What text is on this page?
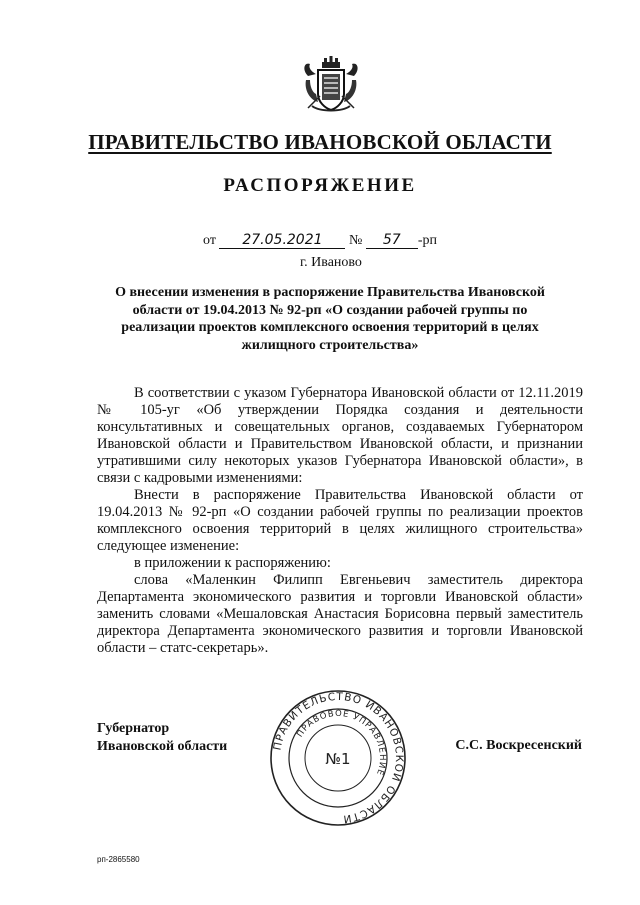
ПРАВИТЕЛЬСТВО ИВАНОВСКОЙ ОБЛАСТИ
РАСПОРЯЖЕНИЕ
от 27.05.2021 № 57 -рп
г. Иваново
О внесении изменения в распоряжение Правительства Ивановской области от 19.04.2013 № 92-рп «О создании рабочей группы по реализации проектов комплексного освоения территорий в целях жилищного строительства»

В соответствии с указом Губернатора Ивановской области от 12.11.2019 № 105-уг «Об утверждении Порядка создания и деятельности консультативных и совещательных органов, создаваемых Губернатором Ивановской области и Правительством Ивановской области, и признании утратившими силу некоторых указов Губернатора Ивановской области», в связи с кадровыми изменениями:

Внести в распоряжение Правительства Ивановской области от 19.04.2013 № 92-рп «О создании рабочей группы по реализации проектов комплексного освоения территорий в целях жилищного строительства» следующее изменение:

в приложении к распоряжению:

слова «Маленкин Филипп Евгеньевич заместитель директора Департамента экономического развития и торговли Ивановской области» заменить словами «Мешаловская Анастасия Борисовна первый заместитель директора Департамента экономического развития и торговли Ивановской области – статс-секретарь».

Губернатор
Ивановской области	ПРАВИТЕЛЬСТВО ИВАНОВСКОЙ ОБЛАСТИ
ПРАВОВОЕ УПРАВЛЕНИЕ
№1
С.С. Воскресенский
рп-2865580
